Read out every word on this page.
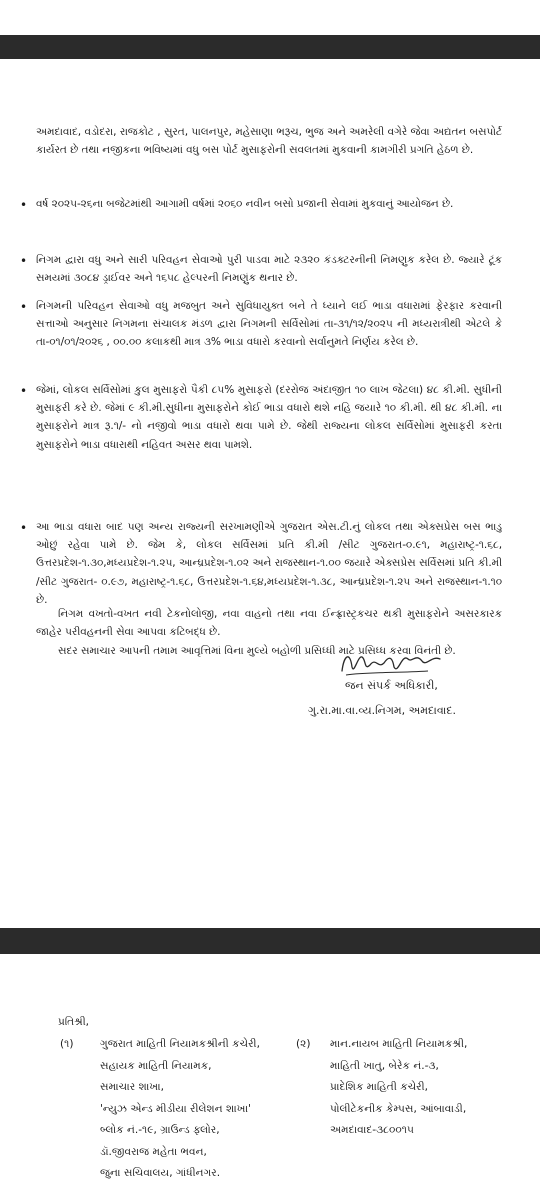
અમદાવાદ, વડોદરા, રાજકોટ , સુરત, પાલનપુર, મહેસાણા ભરૂચ, ભુજ અને અમરેલી વગેરે જેવા અદ્યતન બસપોર્ટ કાર્યરત છે તથા નજીકના ભવિષ્યમાં વધુ બસ પોર્ટ મુસાફરોની સવલતમાં મુકવાની કામગીરી પ્રગતિ હેઠળ છે.
• વર્ષ ૨૦૨૫-૨૬ના બજેટમાંથી આગામી વર્ષમાં ૨૦૬૦ નવીન બસો પ્રજાની સેવામાં મુકવાનું આયોજન છે.
• નિગમ દ્વારા વધુ અને સારી પરિવહન સેવાઓ પુરી પાડવા માટે ૨૩૨૦ કંડક્ટરનીની નિમણુક કરેલ છે. જ્યારે ટૂંક સમયમાં ૩૦૮૪ ડ્રાઈવર અને ૧૬૫૮ હેલ્પરની નિમણુંક થનાર છે.
• નિગમની પરિવહન સેવાઓ વધુ મજબુત અને સુવિધાયુક્ત બને તે ધ્યાને લઈ ભાડા વધારામાં ફેરફાર કરવાની સત્તાઓ અનુસાર નિગમના સંચાલક મંડળ દ્વારા નિગમની સર્વિસોમાં તા-૩૧/૧૨/૨૦૨૫ ની મધ્યરાત્રીથી એટલે કે તા-૦૧/૦૧/૨૦૨૬ , ૦૦.૦૦ કલાકથી માત્ર ૩% ભાડા વધારો કરવાનો સર્વાનુમતે નિર્ણય કરેલ છે.
• જેમાં, લોકલ સર્વિસોમાં કુલ મુસાફરો પૈકી ૮૫% મુસાફરો (દરરોજ અંદાજીત ૧૦ લાખ જેટલા) ૪૮ કી.મી. સુધીની મુસાફરી કરે છે. જેમાં ૯ કી.મી.સુધીના મુસાફરોને કોઈ ભાડા વધારો થશે નહિ જયારે ૧૦ કી.મી. થી ૪૮ કી.મી. ના મુસાફરોને માત્ર રૂ.૧/- નો નજીવો ભાડા વધારો થવા પામે છે. જેથી રાજ્યના લોકલ સર્વિસોમાં મુસાફરી કરતા મુસાફરોને ભાડા વધારાથી નહિવત અસર થવા પામશે.
• આ ભાડા વધારા બાદ પણ અન્ય રાજ્યની સરખામણીએ ગુજરાત એસ.ટી.નું લોકલ તથા એક્સપ્રેસ બસ ભાડુ ઓછું રહેવા પામે છે. જેમ કે, લોકલ સર્વિસમાં પ્રતિ કી.મી /સીટ ગુજરાત-૦.૯૧, મહારાષ્ટ્ર-૧.૬૮, ઉત્તરપ્રદેશ-૧.૩૦,મધ્યપ્રદેશ-૧.૨૫, આન્ધ્રપ્રદેશ-૧.૦૨ અને રાજસ્થાન-૧.૦૦ જયારે એક્સપ્રેસ સર્વિસમાં પ્રતિ કી.મી /સીટ ગુજરાત- ૦.૯૭, મહારાષ્ટ્ર-૧.૬૮, ઉત્તરપ્રદેશ-૧.૬૪,મધ્યપ્રદેશ-૧.૩૮, આન્ધ્રપ્રદેશ-૧.૨૫ અને રાજસ્થાન-૧.૧૦ છે.
નિગમ વખતો-વખત નવી ટેકનોલોજી, નવા વાહનો તથા નવા ઈન્ફ્રાસ્ટ્રકચર થકી મુસાફરોને અસરકારક જાહેર પરીવહનની સેવા આપવા કટિબદ્ધ છે.
સદર સમાચાર આપની તમામ આવૃત્તિમાં વિના મુલ્યે બહોળી પ્રસિધ્ધી માટે પ્રસિધ્ધ કરવા વિનંતી છે.
જન સંપર્ક અધિકારી,
ગુ.રા.મા.વા.વ્ય.નિગમ, અમદાવાદ.
પ્રતિશ્રી,
(૧)	ગુજરાત માહિતી નિયામકશ્રીની કચેરી,
સહાયક માહિતી નિયામક,
સમાચાર શાખા,
'ન્યુઝ એન્ડ મીડીયા રીલેશન શાખા'
બ્લોક નં.-૧૯, ગ્રાઉન્ડ ફ્લોર,
ડૉ.જીવરાજ મહેતા ભવન,
જુના સચિવાલય, ગાંધીનગર.
(૨) માન.નાયબ માહિતી નિયામકશ્રી,
માહિતી ખાતુ, બેરેક નં.-૩,
પ્રાદેશિક માહિતી કચેરી,
પોલીટેકનીક કેમ્પસ, આંબાવાડી,
અમદાવાદ-૩૮૦૦૧૫
